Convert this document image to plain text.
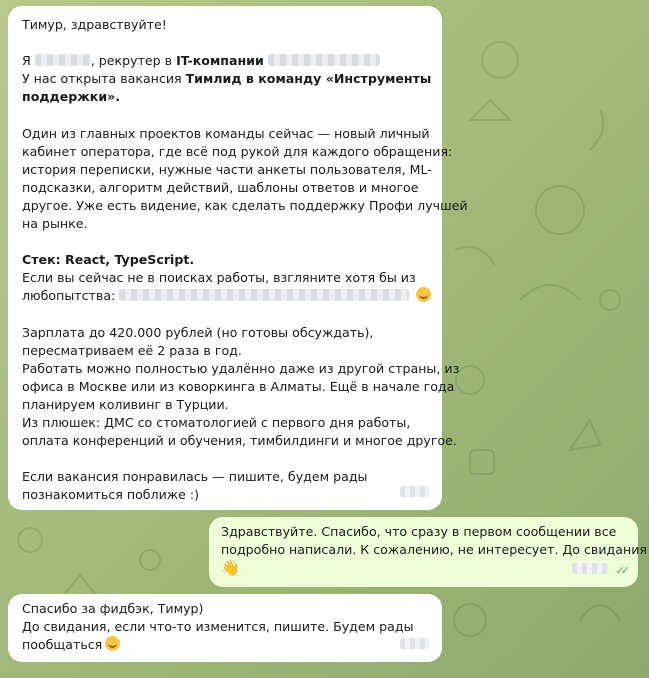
Тимур, здравствуйте!
Я	, рекрутер в IT-компании
У нас открыта вакансия Тимлид в команду «Инструменты
поддержки».
Один из главных проектов команды сейчас — новый личный
кабинет оператора, где всё под рукой для каждого обращения:
история переписки, нужные части анкеты пользователя, ML-
подсказки, алгоритм действий, шаблоны ответов и многое
другое. Уже есть видение, как сделать поддержку Профи лучшей
на рынке.
Стек: React, TypeScript.
Если вы сейчас не в поисках работы, взгляните хотя бы из
любопытства:
Зарплата до 420.000 рублей (но готовы обсуждать),
пересматриваем её 2 раза в год.
Работать можно полностью удалённо даже из другой страны, из
офиса в Москве или из коворкинга в Алматы. Ещё в начале года
планируем коливинг в Турции.
Из плюшек: ДМС со стоматологией с первого дня работы,
оплата конференций и обучения, тимбилдинги и многое другое.
Если вакансия понравилась — пишите, будем рады
познакомиться поближе :)
Здравствуйте. Спасибо, что сразу в первом сообщении все
подробно написали. К сожалению, не интересует. До свидания
👋	✓✓
Спасибо за фидбэк, Тимур)
До свидания, если что-то изменится, пишите. Будем рады
пообщаться
